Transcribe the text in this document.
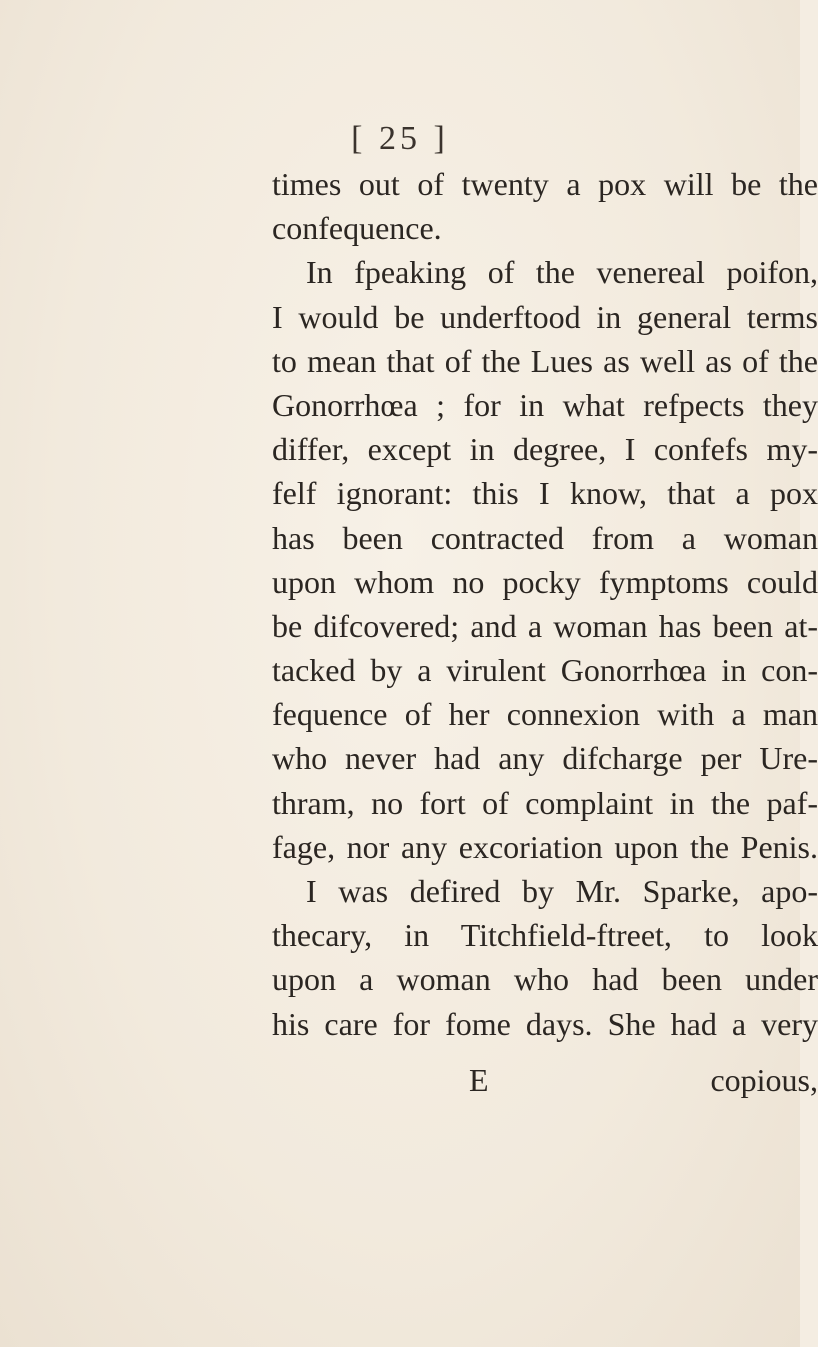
[ 25 ]
times out of twenty a pox will be the
confequence.
In fpeaking of the venereal poifon,
I would be underftood in general terms
to mean that of the Lues as well as of the
Gonorrhœa ; for in what refpects they
differ, except in degree, I confefs my-
felf ignorant: this I know, that a pox
has been contracted from a woman
upon whom no pocky fymptoms could
be difcovered; and a woman has been at-
tacked by a virulent Gonorrhœa in con-
fequence of her connexion with a man
who never had any difcharge per Ure-
thram, no fort of complaint in the paf-
fage, nor any excoriation upon the Penis.
I was defired by Mr. Sparke, apo-
thecary, in Titchfield-ftreet, to look
upon a woman who had been under
his care for fome days. She had a very
E	copious,
